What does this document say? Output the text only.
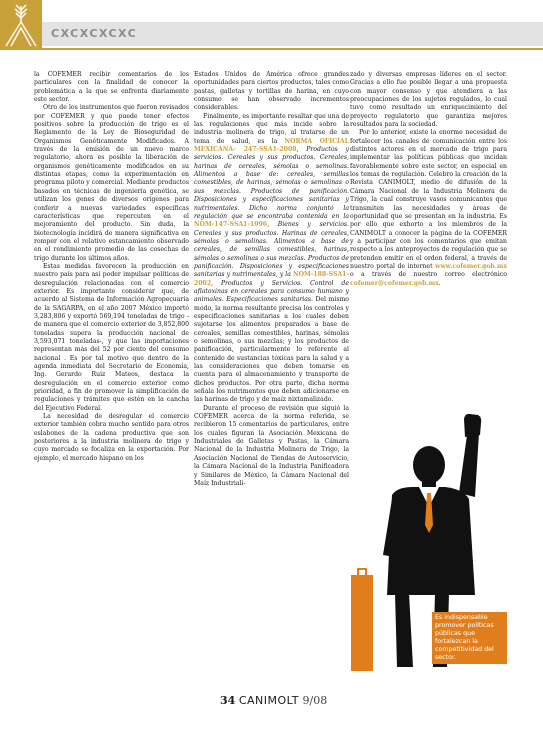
CXCXCXCXC

la COFEMER recibir comentarios de los particulares con la finalidad de conocer la problemática a la que se enfrenta diariamente este sector.

Otro de los instrumentos que fueron revisados por COFEMER y que puede tener efectos positivos sobre la producción de trigo es el Reglamento de la Ley de Bioseguridad de Organismos Genéticamente Modificados. A través de la emisión de un nuevo marco regulatorio, ahora es posible la liberación de organismos genéticamente modificados en su distintas etapas, como la experimentación en programa piloto y comercial. Mediante productos basados en técnicas de ingeniería genética, se utilizan los genes de diversos orígenes para conferir a nuevas variedades específicas características que repercuten en el mejoramiento del producto. Sin duda, la biotecnología incidirá de manera significativa en romper con el relativo estancamiento observado en el rendimiento promedio de las cosechas de trigo durante los últimos años.

Estas medidas favorecen la producción en nuestro país para así poder impulsar políticas de desregulación relacionadas con el comercio exterior. Es importante considerar que, de acuerdo al Sistema de Información Agropecuaria de la SAGARPA, en el año 2007 México importó 3,283,806 y exportó 569,194 toneladas de trigo -de manera que el comercio exterior de 3,852,800 toneladas supera la producción nacional de 3,593,071 toneladas-, y que las importaciones representan más del 52 por ciento del consumo nacional . Es por tal motivo que dentro de la agenda inmediata del Secretario de Economía, Ing. Gerardo Ruiz Mateos, destaca la desregulación en el comercio exterior como prioridad, a fin de promover la simplificación de regulaciones y trámites que estén en la cancha del Ejecutivo Federal.

La necesidad de desregular el comercio exterior también cobra mucho sentido para otros eslabones de la cadena productiva que son posteriores a la industria molinera de trigo y cuyo mercado se focaliza en la exportación. Por ejemplo, el mercado hispano en los

Estados Unidos de América ofrece grandes oportunidades para ciertos productos, tales como pastas, galletas y tortillas de harina, en cuyo consumo se han observado incrementos considerables.

Finalmente, es importante resaltar que una de las regulaciones que más incide sobre la industria molinera de trigo, al tratarse de un tema de salud, es la NORMA OFICIAL MEXICANA- 247-SSA1-2008, Productos y servicios. Cereales y sus productos. Cereales, harinas de cereales, sémolas o semolinas. Alimentos a base de: cereales, semillas comestibles, de harinas, sémolas o semolinas o sus mezclas. Productos de panificación. Disposiciones y especificaciones sanitarias y nutrimentales. Dicha norma conjuntó la regulación que se encontraba contenida en la NOM-147-SSA1-1996, Bienes y servicios. Cereales y sus productos. Harinas de cereales, sémolas o semolinas. Alimentos a base de cereales, de semillas comestibles, harinas, sémolas o semolinas o sus mezclas. Productos de panificación. Disposiciones y especificaciones sanitarias y nutrimentales, y la NOM-188-SSA1-2002, Productos y Servicios. Control de aflatoxinas en cereales para consumo humano y animales. Especificaciones sanitarias. Del mismo modo, la norma resultante precisa los controles y especificaciones sanitarias a los cuales deben sujetarse los alimentos preparados a base de cereales, semillas comestibles, harinas, sémolas o semolinas, o sus mezclas; y los productos de panificación, particularmente lo referente al contenido de sustancias tóxicas para la salud y a las consideraciones que deben tomarse en cuenta para el almacenamiento y transporte de dichos productos. Por otra parte, dicha norma señala los nutrimentos que deben adicionarse en las harinas de trigo y de maíz nixtamalizado.

Durante el proceso de revisión que siguió la COFEMER acerca de la norma referida, se recibieron 15 comentarios de particulares, entre los cuales figuran la Asociación Mexicana de Industriales de Galletas y Pastas, la Cámara Nacional de la Industria Molinera de Trigo, la Asociación Nacional de Tiendas de Autoservicio, la Cámara Nacional de la Industria Panificadora y Similares de México, la Cámara Nacional del Maíz Industriali-

zado y diversas empresas líderes en el sector. Gracias a ello fue posible llegar a una propuesta con mayor consenso y que atendiera a las preocupaciones de los sujetos regulados, lo cual tuvo como resultado un enriquecimiento del proyecto regulatorio que garantiza mejores resultados para la sociedad.

Por lo anterior, existe la enorme necesidad de fortalecer los canales de comunicación entre los distintos actores en el mercado de trigo para implementar las políticas públicas que incidan favorablemente sobre este sector, en especial en los temas de regulación. Celebro la creación de la Revista CANIMOLT, medio de difusión de la Cámara Nacional de la Industria Molinera de Trigo, la cual construye vasos comunicantes que transmiten las necesidades y áreas de oportunidad que se presentan en la industria. Es por ello que exhorto a los miembros de la CANIMOLT a conocer la página de la COFEMER y a participar con los comentarios que emitan respecto a los anteproyectos de regulación que se pretenden emitir en el orden federal, a través de nuestro portal de internet www.cofemer.gob.mx o a través de nuestro correo electrónico cofemer@cofemer.gob.mx.

Es indispensable promover políticas públicas que fortalezcan la competitividad del sector.
34 CANIMOLT 9/08
